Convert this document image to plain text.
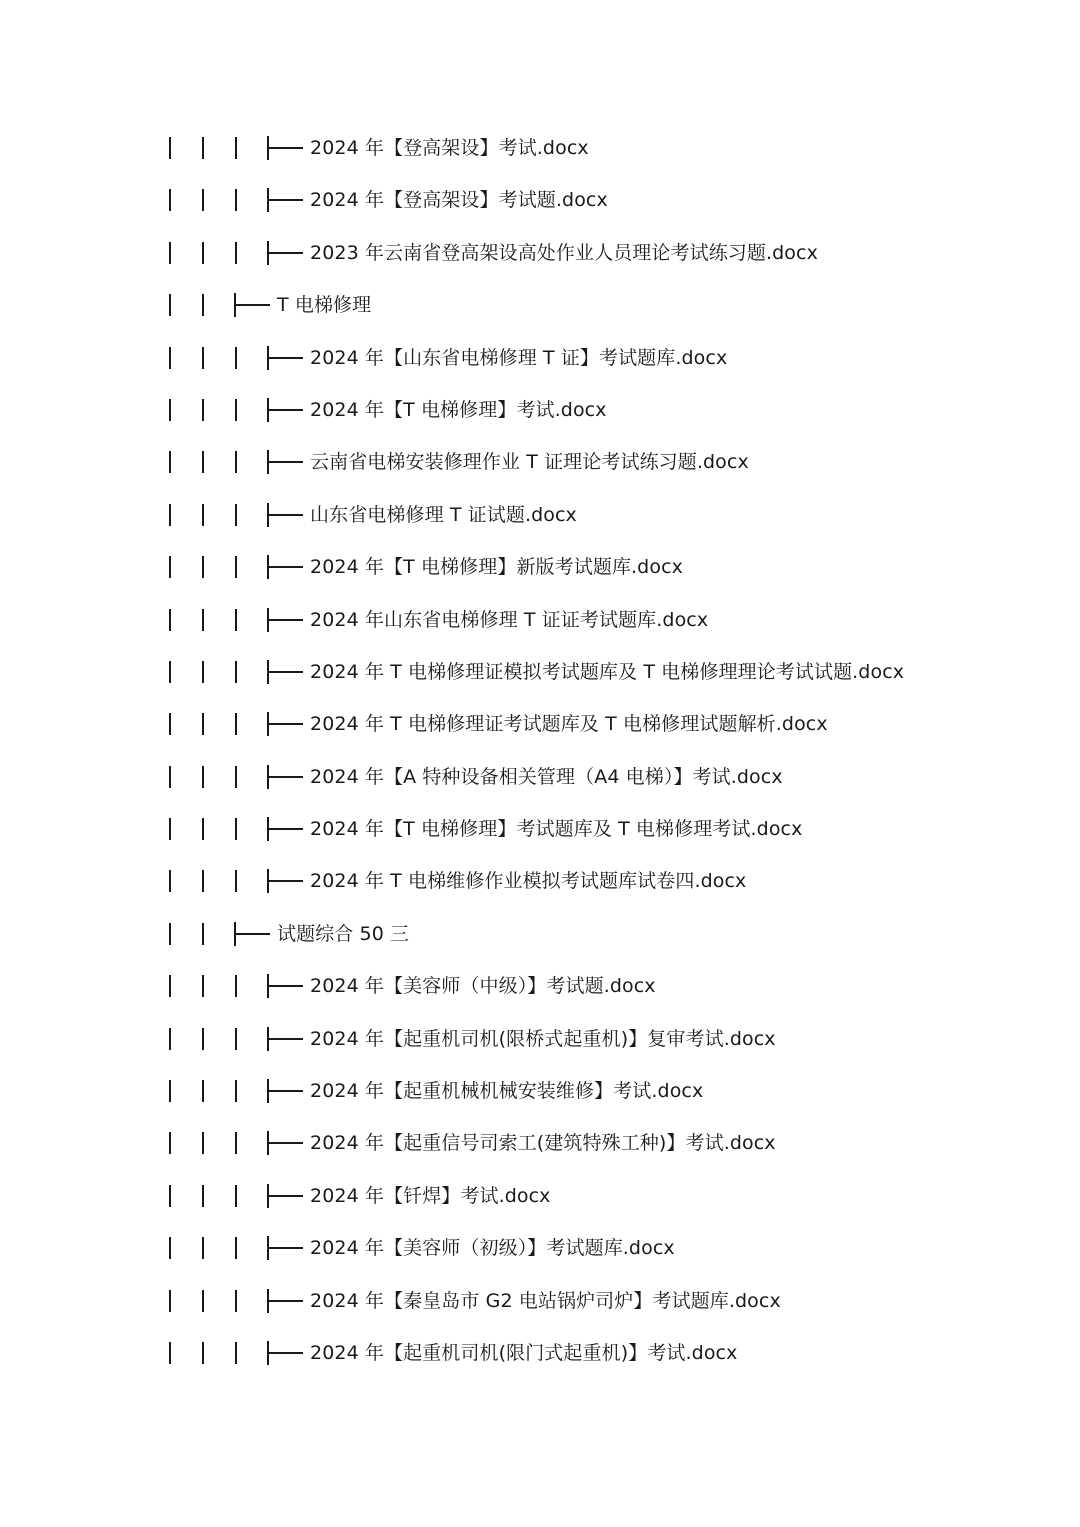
2024 年【登高架设】考试.docx
2024 年【登高架设】考试题.docx
2023 年云南省登高架设高处作业人员理论考试练习题.docx
T 电梯修理
2024 年【山东省电梯修理 T 证】考试题库.docx
2024 年【T 电梯修理】考试.docx
云南省电梯安装修理作业 T 证理论考试练习题.docx
山东省电梯修理 T 证试题.docx
2024 年【T 电梯修理】新版考试题库.docx
2024 年山东省电梯修理 T 证证考试题库.docx
2024 年 T 电梯修理证模拟考试题库及 T 电梯修理理论考试试题.docx
2024 年 T 电梯修理证考试题库及 T 电梯修理试题解析.docx
2024 年【A 特种设备相关管理（A4 电梯）】考试.docx
2024 年【T 电梯修理】考试题库及 T 电梯修理考试.docx
2024 年 T 电梯维修作业模拟考试题库试卷四.docx
试题综合 50 三
2024 年【美容师（中级）】考试题.docx
2024 年【起重机司机(限桥式起重机)】复审考试.docx
2024 年【起重机械机械安装维修】考试.docx
2024 年【起重信号司索工(建筑特殊工种)】考试.docx
2024 年【钎焊】考试.docx
2024 年【美容师（初级）】考试题库.docx
2024 年【秦皇岛市 G2 电站锅炉司炉】考试题库.docx
2024 年【起重机司机(限门式起重机)】考试.docx
